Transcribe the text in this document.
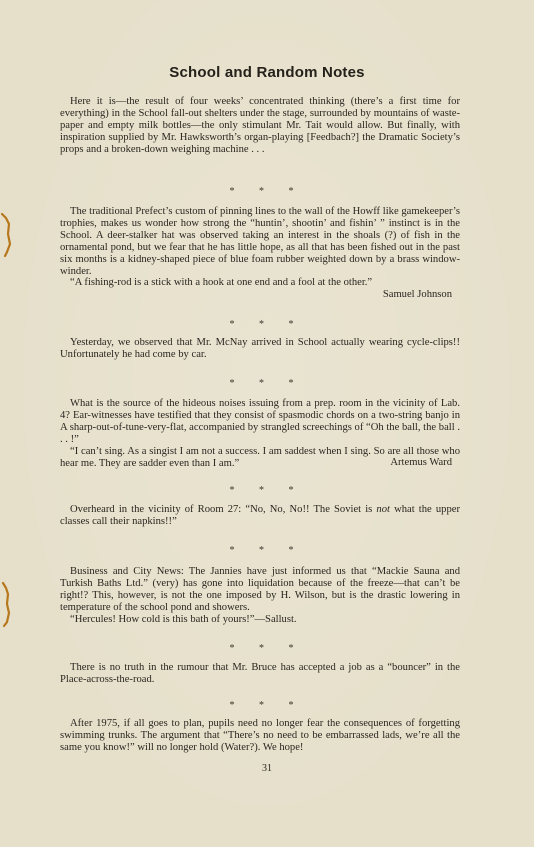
School and Random Notes

Here it is—the result of four weeks’ concentrated thinking (there’s a first time for everything) in the School fall-out shelters under the stage, surrounded by mountains of waste-paper and empty milk bottles—the only stimulant Mr. Tait would allow. But finally, with inspiration supplied by Mr. Hawksworth’s organ-playing [Feedbach?] the Dramatic Society’s props and a broken-down weighing machine . . .

* * *

The traditional Prefect’s custom of pinning lines to the wall of the Howff like gamekeeper’s trophies, makes us wonder how strong the “huntin’, shootin’ and fishin’ ” instinct is in the School. A deer-stalker hat was observed taking an interest in the shoals (?) of fish in the ornamental pond, but we fear that he has little hope, as all that has been fished out in the past six months is a kidney-shaped piece of blue foam rubber weighted down by a brass window-winder.

“A fishing-rod is a stick with a hook at one end and a fool at the other.”

Samuel Johnson

* * *

Yesterday, we observed that Mr. McNay arrived in School actually wearing cycle-clips!! Unfortunately he had come by car.

* * *

What is the source of the hideous noises issuing from a prep. room in the vicinity of Lab. 4? Ear-witnesses have testified that they consist of spasmodic chords on a two-string banjo in A sharp-out-of-tune-very-flat, accompanied by strangled screechings of “Oh the ball, the ball . . . !”

“I can’t sing. As a singist I am not a success. I am saddest when I sing. So are all those who hear me. They are sadder even than I am.”	Artemus Ward

* * *

Overheard in the vicinity of Room 27: “No, No, No!! The Soviet is not what the upper classes call their napkins!!”

* * *

Business and City News: The Jannies have just informed us that “Mackie Sauna and Turkish Baths Ltd.” (very) has gone into liquidation because of the freeze—that can’t be right!? This, however, is not the one imposed by H. Wilson, but is the drastic lowering in temperature of the school pond and showers.

“Hercules! How cold is this bath of yours!”—Sallust.

* * *

There is no truth in the rumour that Mr. Bruce has accepted a job as a “bouncer” in the Place-across-the-road.

* * *

After 1975, if all goes to plan, pupils need no longer fear the consequences of forgetting swimming trunks. The argument that “There’s no need to be embarrassed lads, we’re all the same you know!” will no longer hold (Water?). We hope!

31
